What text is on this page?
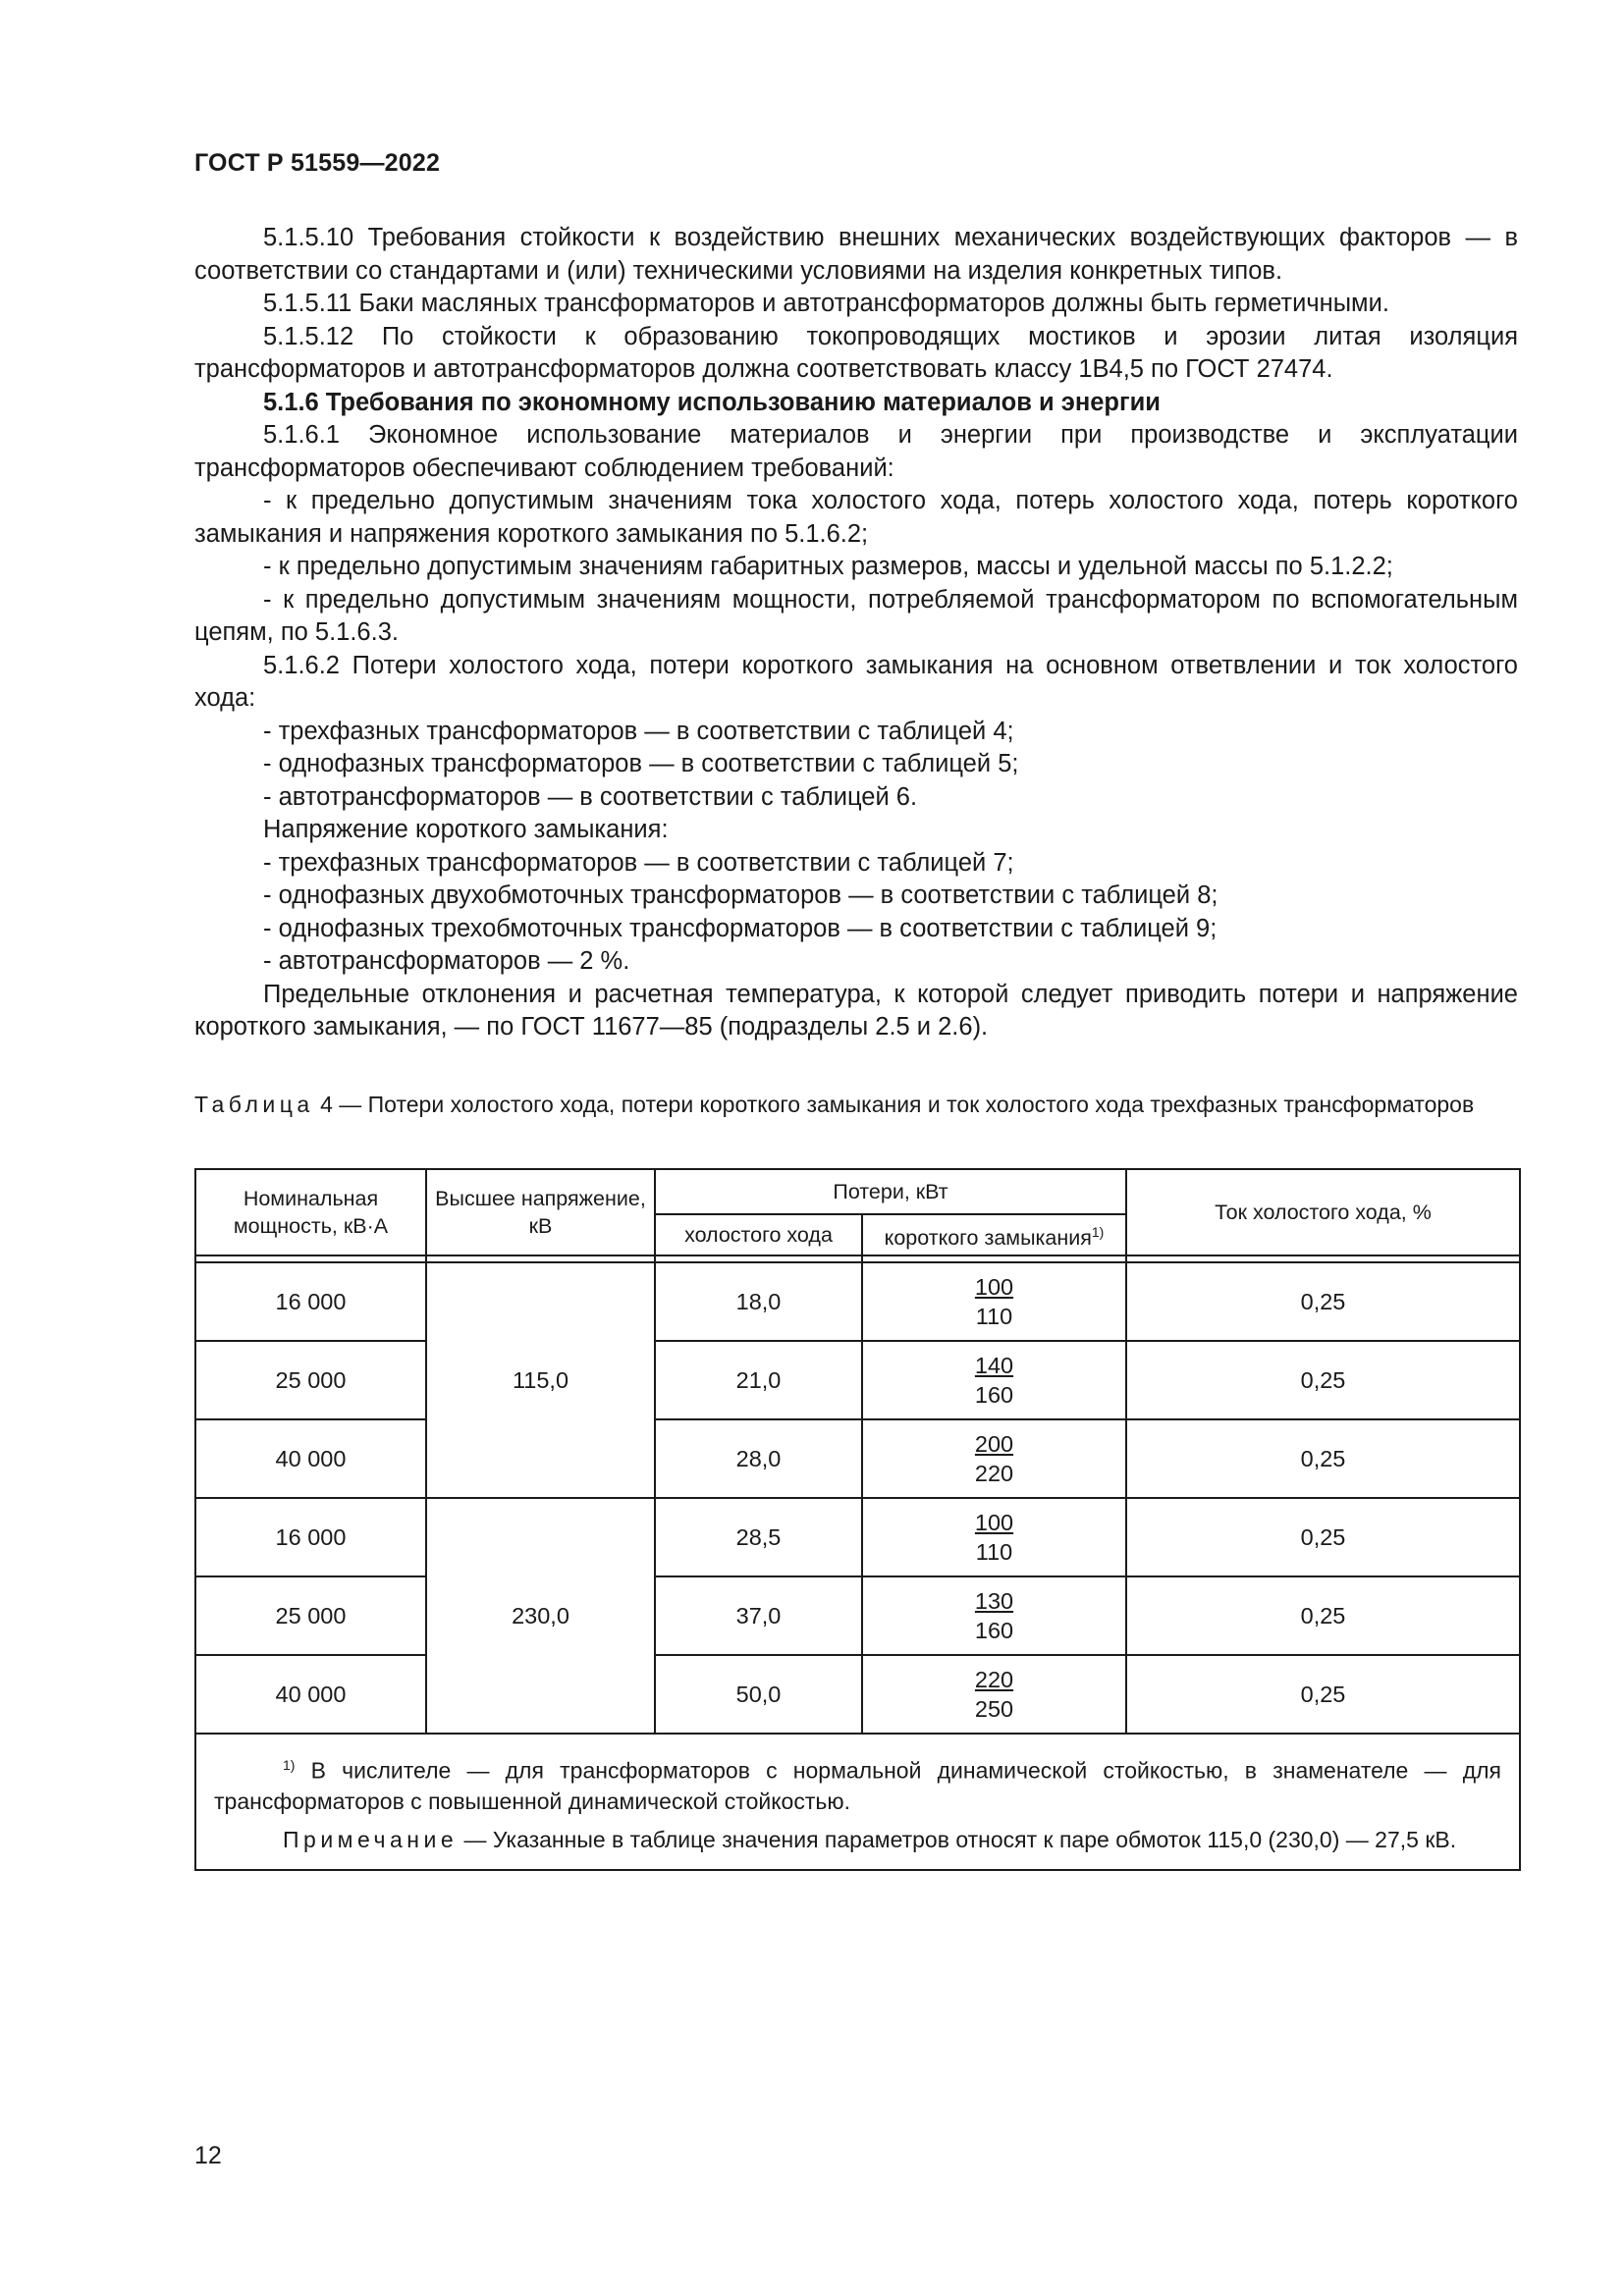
ГОСТ Р 51559—2022

5.1.5.10 Требования стойкости к воздействию внешних механических воздействующих факторов — в соответствии со стандартами и (или) техническими условиями на изделия конкретных типов.

5.1.5.11 Баки масляных трансформаторов и автотрансформаторов должны быть герметичными.

5.1.5.12 По стойкости к образованию токопроводящих мостиков и эрозии литая изоляция трансформаторов и автотрансформаторов должна соответствовать классу 1В4,5 по ГОСТ 27474.

5.1.6 Требования по экономному использованию материалов и энергии

5.1.6.1 Экономное использование материалов и энергии при производстве и эксплуатации трансформаторов обеспечивают соблюдением требований:

- к предельно допустимым значениям тока холостого хода, потерь холостого хода, потерь короткого замыкания и напряжения короткого замыкания по 5.1.6.2;

- к предельно допустимым значениям габаритных размеров, массы и удельной массы по 5.1.2.2;

- к предельно допустимым значениям мощности, потребляемой трансформатором по вспомогательным цепям, по 5.1.6.3.

5.1.6.2 Потери холостого хода, потери короткого замыкания на основном ответвлении и ток холостого хода:

- трехфазных трансформаторов — в соответствии с таблицей 4;

- однофазных трансформаторов — в соответствии с таблицей 5;

- автотрансформаторов — в соответствии с таблицей 6.

Напряжение короткого замыкания:

- трехфазных трансформаторов — в соответствии с таблицей 7;

- однофазных двухобмоточных трансформаторов — в соответствии с таблицей 8;

- однофазных трехобмоточных трансформаторов — в соответствии с таблицей 9;

- автотрансформаторов — 2 %.

Предельные отклонения и расчетная температура, к которой следует приводить потери и напряжение короткого замыкания, — по ГОСТ 11677—85 (подразделы 2.5 и 2.6).

Таблица 4 — Потери холостого хода, потери короткого замыкания и ток холостого хода трехфазных трансформаторов
Номинальная мощность, кВ·А	Высшее напряжение, кВ	Потери, кВт		Ток холостого хода, %
		холостого хода	короткого замыкания$^{1)}$

16 000	115,0	18,0	$\frac{100}{110}$	0,25
25 000		21,0	$\frac{140}{160}$	0,25
40 000		28,0	$\frac{200}{220}$	0,25
16 000	230,0	28,5	$\frac{100}{110}$	0,25
25 000		37,0	$\frac{130}{160}$	0,25
40 000		50,0	$\frac{220}{250}$	0,25

$^{1)}$ В числителе — для трансформаторов с нормальной динамической стойкостью, в знаменателе — для трансформаторов с повышенной динамической стойкостью.

Примечание — Указанные в таблице значения параметров относят к паре обмоток 115,0 (230,0) — 27,5 кВ.				

12
